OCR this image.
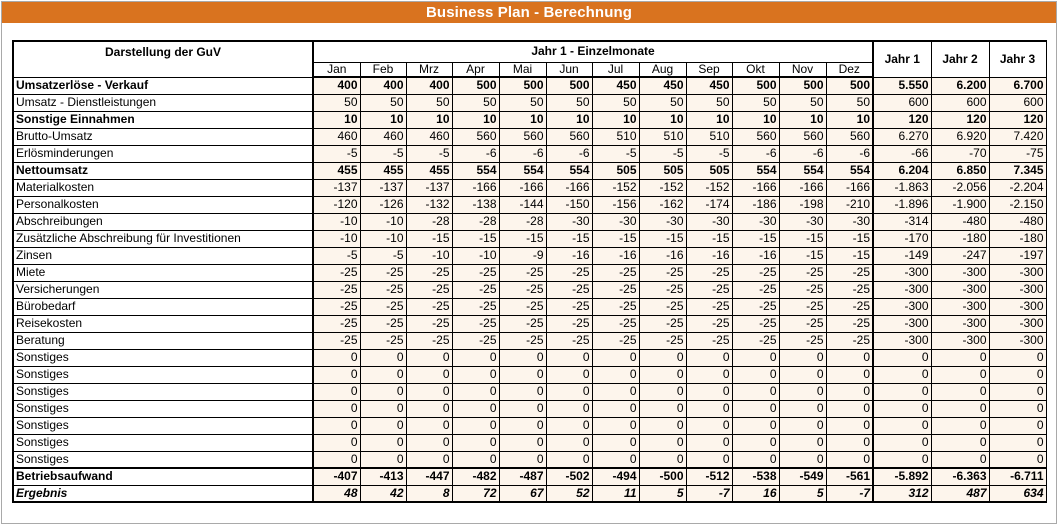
Business Plan - Berechnung
Darstellung der GuV	Jahr 1 - Einzelmonate												Jahr 1	Jahr 2	Jahr 3
	Jan	Feb	Mrz	Apr	Mai	Jun	Jul	Aug	Sep	Okt	Nov	Dez			
Umsatzerlöse - Verkauf	400	400	400	500	500	500	450	450	450	500	500	500	5.550	6.200	6.700
Umsatz - Dienstleistungen	50	50	50	50	50	50	50	50	50	50	50	50	600	600	600
Sonstige Einnahmen	10	10	10	10	10	10	10	10	10	10	10	10	120	120	120
Brutto-Umsatz	460	460	460	560	560	560	510	510	510	560	560	560	6.270	6.920	7.420
Erlösminderungen	-5	-5	-5	-6	-6	-6	-5	-5	-5	-6	-6	-6	-66	-70	-75
Nettoumsatz	455	455	455	554	554	554	505	505	505	554	554	554	6.204	6.850	7.345
Materialkosten	-137	-137	-137	-166	-166	-166	-152	-152	-152	-166	-166	-166	-1.863	-2.056	-2.204
Personalkosten	-120	-126	-132	-138	-144	-150	-156	-162	-174	-186	-198	-210	-1.896	-1.900	-2.150
Abschreibungen	-10	-10	-28	-28	-28	-30	-30	-30	-30	-30	-30	-30	-314	-480	-480
Zusätzliche Abschreibung für Investitionen	-10	-10	-15	-15	-15	-15	-15	-15	-15	-15	-15	-15	-170	-180	-180
Zinsen	-5	-5	-10	-10	-9	-16	-16	-16	-16	-16	-15	-15	-149	-247	-197
Miete	-25	-25	-25	-25	-25	-25	-25	-25	-25	-25	-25	-25	-300	-300	-300
Versicherungen	-25	-25	-25	-25	-25	-25	-25	-25	-25	-25	-25	-25	-300	-300	-300
Bürobedarf	-25	-25	-25	-25	-25	-25	-25	-25	-25	-25	-25	-25	-300	-300	-300
Reisekosten	-25	-25	-25	-25	-25	-25	-25	-25	-25	-25	-25	-25	-300	-300	-300
Beratung	-25	-25	-25	-25	-25	-25	-25	-25	-25	-25	-25	-25	-300	-300	-300
Sonstiges	0	0	0	0	0	0	0	0	0	0	0	0	0	0	0
Sonstiges	0	0	0	0	0	0	0	0	0	0	0	0	0	0	0
Sonstiges	0	0	0	0	0	0	0	0	0	0	0	0	0	0	0
Sonstiges	0	0	0	0	0	0	0	0	0	0	0	0	0	0	0
Sonstiges	0	0	0	0	0	0	0	0	0	0	0	0	0	0	0
Sonstiges	0	0	0	0	0	0	0	0	0	0	0	0	0	0	0
Sonstiges	0	0	0	0	0	0	0	0	0	0	0	0	0	0	0
Betriebsaufwand	-407	-413	-447	-482	-487	-502	-494	-500	-512	-538	-549	-561	-5.892	-6.363	-6.711
Ergebnis	48	42	8	72	67	52	11	5	-7	16	5	-7	312	487	634
